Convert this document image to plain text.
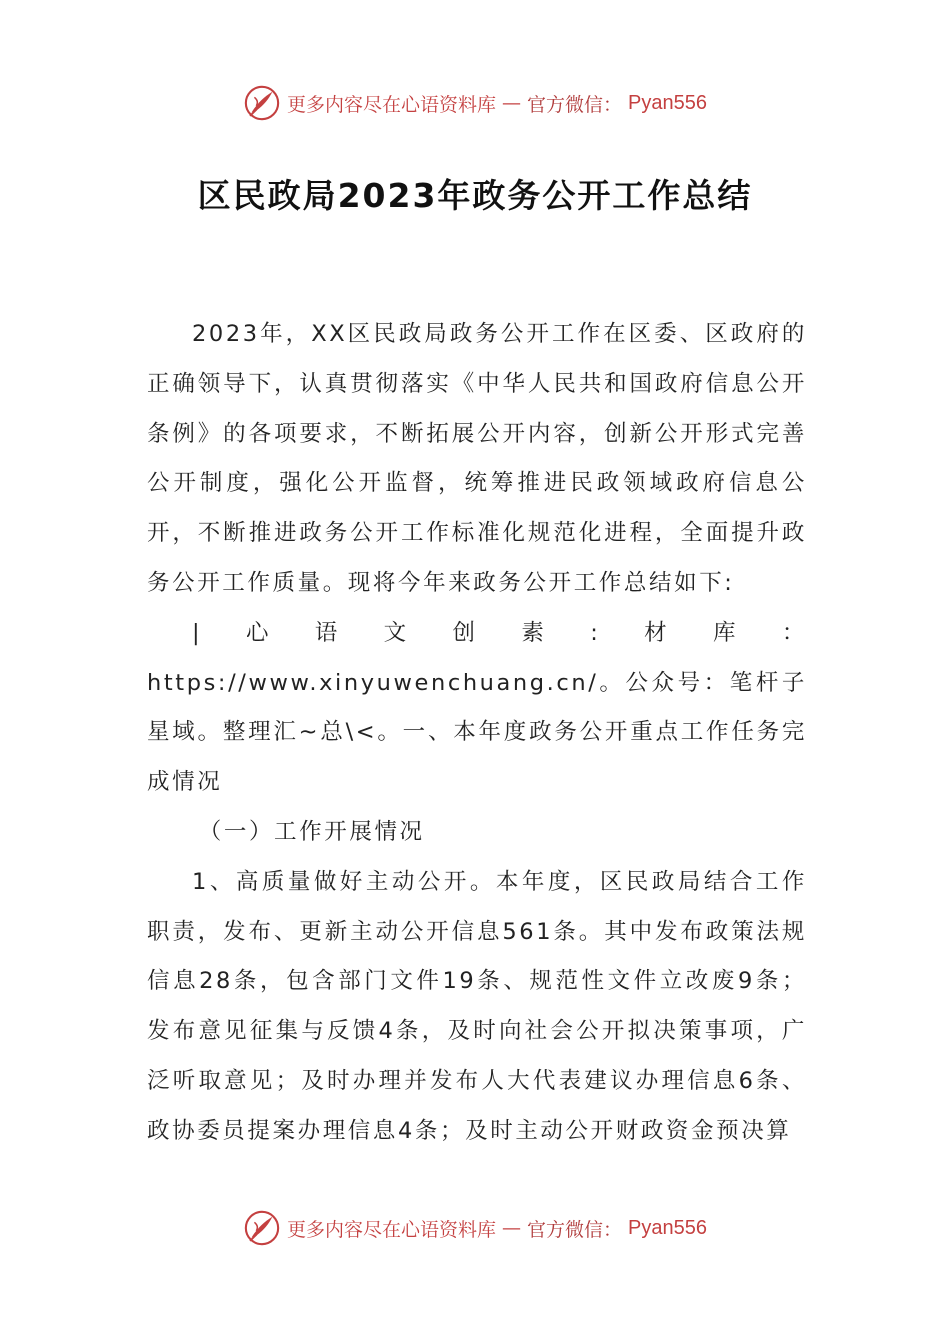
更多内容尽在心语资料库 — 官方微信： Pyan556
区民政局2023年政务公开工作总结

2023年，XX区民政局政务公开工作在区委、区政府的正确领导下，认真贯彻落实《中华人民共和国政府信息公开条例》的各项要求，不断拓展公开内容，创新公开形式完善公开制度，强化公开监督，统筹推进民政领域政府信息公开，不断推进政务公开工作标准化规范化进程，全面提升政务公开工作质量。现将今年来政务公开工作总结如下:

|心语文创素:材库：https://www.xinyuwenchuang.cn/。公众号：笔杆子星域。整理汇~总\<。一、本年度政务公开重点工作任务完成情况

（一）工作开展情况

1、高质量做好主动公开。本年度，区民政局结合工作职责，发布、更新主动公开信息561条。其中发布政策法规信息28条，包含部门文件19条、规范性文件立改废9条；发布意见征集与反馈4条，及时向社会公开拟决策事项，广泛听取意见；及时办理并发布人大代表建议办理信息6条、政协委员提案办理信息4条；及时主动公开财政资金预决算

更多内容尽在心语资料库 — 官方微信： Pyan556
